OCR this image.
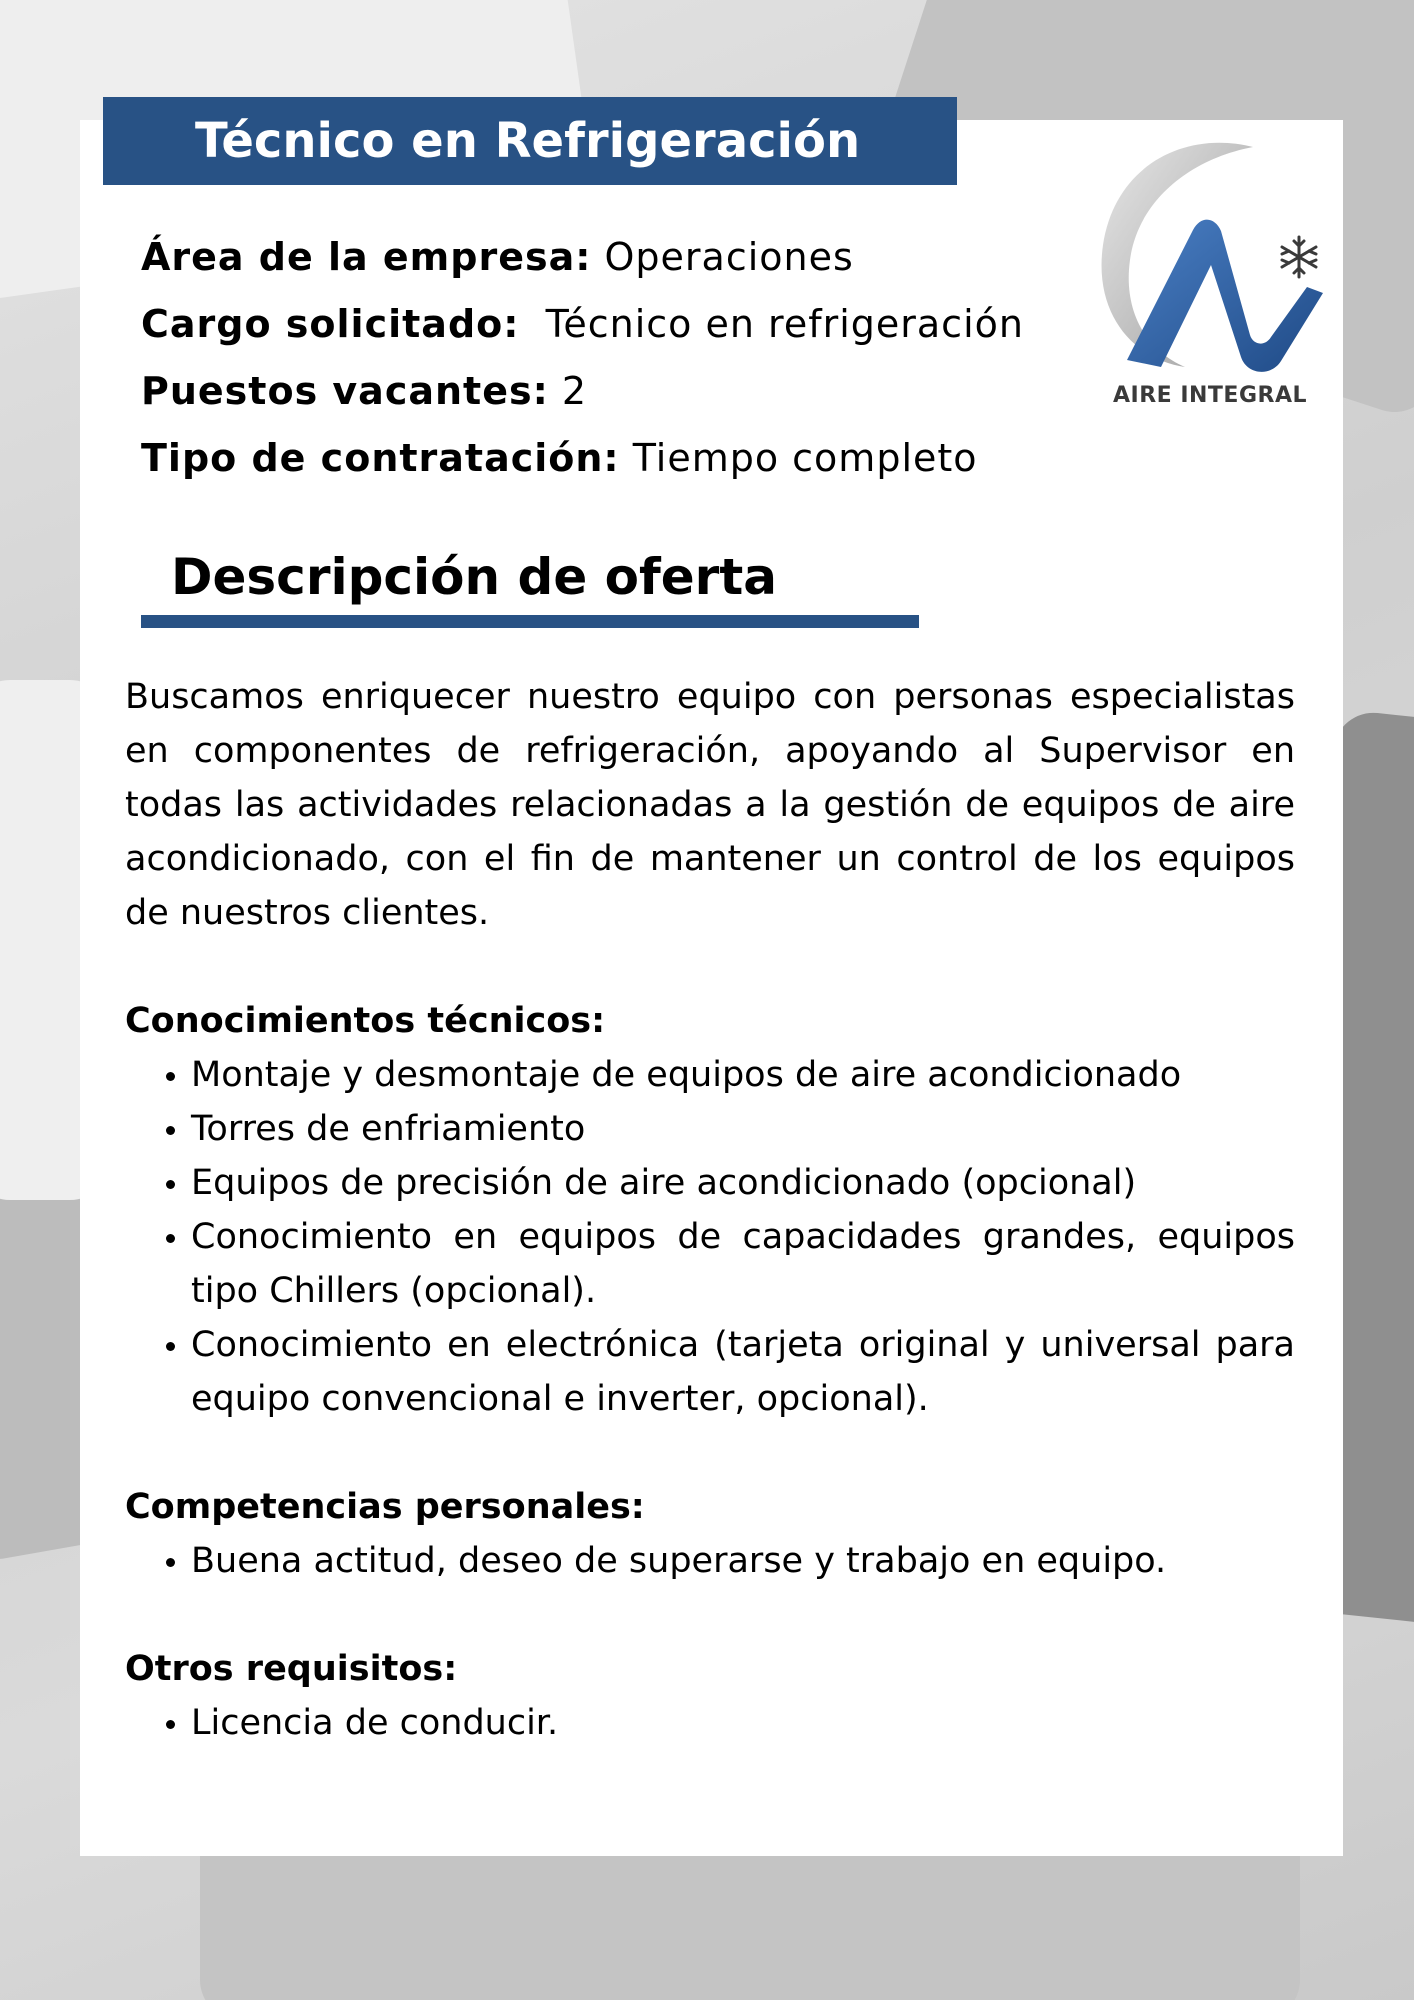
Técnico en Refrigeración
Área de la empresa: Operaciones
Cargo solicitado:  Técnico en refrigeración
Puestos vacantes: 2
Tipo de contratación: Tiempo completo
AIRE INTEGRAL
Descripción de oferta

Buscamos enriquecer nuestro equipo con personas especialistas en componentes de refrigeración, apoyando al Supervisor en todas las actividades relacionadas a la gestión de equipos de aire acondicionado, con el fin de mantener un control de los equipos de nuestros clientes.

Conocimientos técnicos:
• Montaje y desmontaje de equipos de aire acondicionado
• Torres de enfriamiento
• Equipos de precisión de aire acondicionado (opcional)
• Conocimiento en equipos de capacidades grandes, equipos tipo Chillers (opcional).
• Conocimiento en electrónica (tarjeta original y universal para equipo convencional e inverter, opcional).
Competencias personales:
• Buena actitud, deseo de superarse y trabajo en equipo.
Otros requisitos:
• Licencia de conducir.
